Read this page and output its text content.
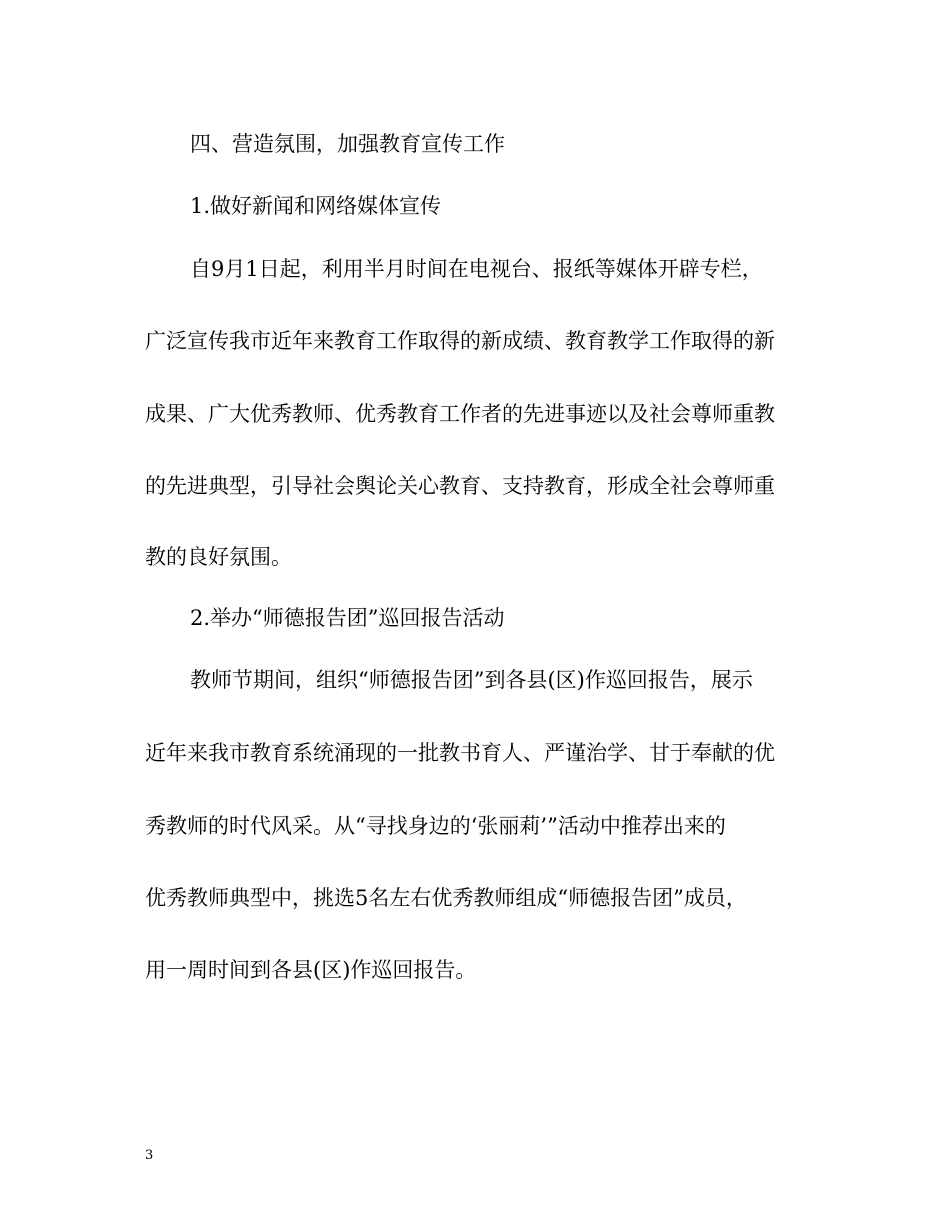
四、营造氛围，加强教育宣传工作
1.做好新闻和网络媒体宣传
自9月1日起，利用半月时间在电视台、报纸等媒体开辟专栏，
广泛宣传我市近年来教育工作取得的新成绩、教育教学工作取得的新
成果、广大优秀教师、优秀教育工作者的先进事迹以及社会尊师重教
的先进典型，引导社会舆论关心教育、支持教育，形成全社会尊师重
教的良好氛围。
2.举办“师德报告团”巡回报告活动
教师节期间，组织“师德报告团”到各县(区)作巡回报告，展示
近年来我市教育系统涌现的一批教书育人、严谨治学、甘于奉献的优
秀教师的时代风采。从“寻找身边的‘张丽莉’”活动中推荐出来的
优秀教师典型中，挑选5名左右优秀教师组成“师德报告团”成员，
用一周时间到各县(区)作巡回报告。
3
